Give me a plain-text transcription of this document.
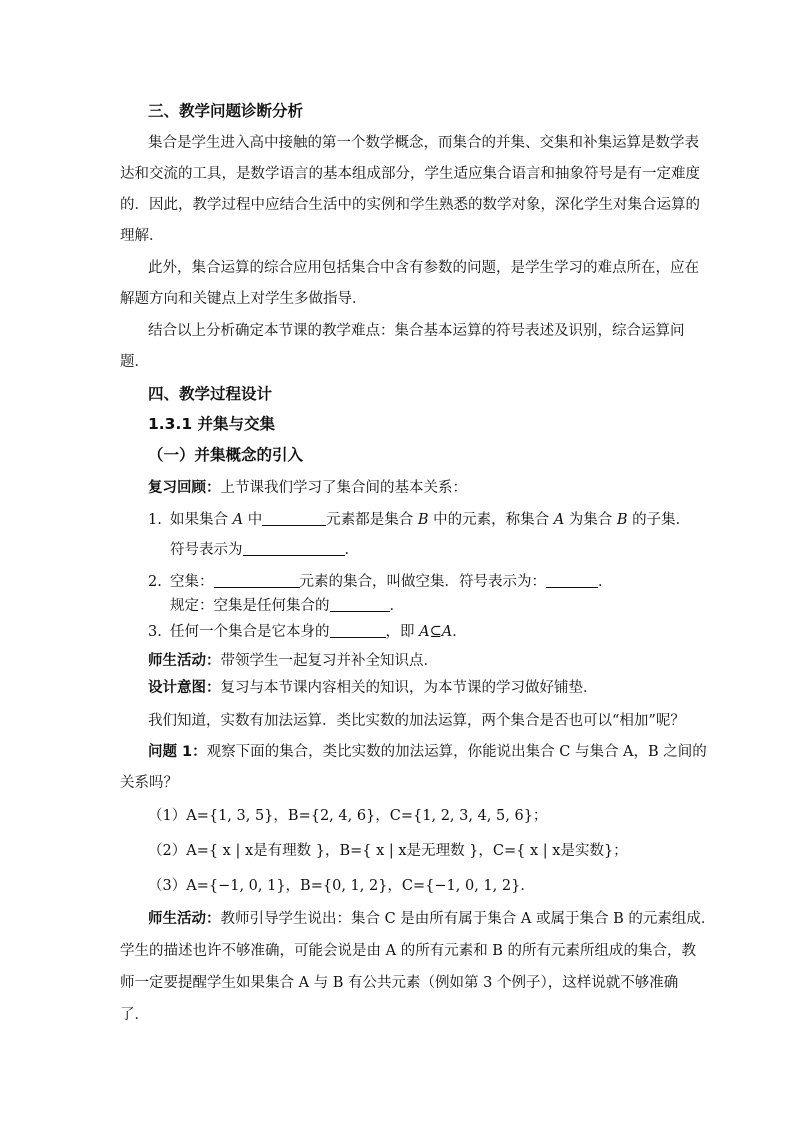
三、教学问题诊断分析
集合是学生进入高中接触的第一个数学概念，而集合的并集、交集和补集运算是数学表
达和交流的工具，是数学语言的基本组成部分，学生适应集合语言和抽象符号是有一定难度
的．因此，教学过程中应结合生活中的实例和学生熟悉的数学对象，深化学生对集合运算的
理解．
此外，集合运算的综合应用包括集合中含有参数的问题，是学生学习的难点所在，应在
解题方向和关键点上对学生多做指导．
结合以上分析确定本节课的教学难点：集合基本运算的符号表述及识别，综合运算问
题．
四、教学过程设计
1.3.1 并集与交集
（一）并集概念的引入
复习回顾：上节课我们学习了集合间的基本关系：
1. 如果集合 A 中	元素都是集合 B 中的元素，称集合 A 为集合 B 的子集．
符号表示为	．
2. 空集：	元素的集合，叫做空集．符号表示为：	．
规定：空集是任何集合的	．
3. 任何一个集合是它本身的	，即 A⊆A．
师生活动：带领学生一起复习并补全知识点．
设计意图：复习与本节课内容相关的知识，为本节课的学习做好铺垫．
我们知道，实数有加法运算．类比实数的加法运算，两个集合是否也可以“相加”呢？
问题 1：观察下面的集合，类比实数的加法运算，你能说出集合 C 与集合 A，B 之间的
关系吗？
（1）A={1, 3, 5}，B={2, 4, 6}，C={1, 2, 3, 4, 5, 6}；
（2）A={ x | x是有理数 }，B={ x | x是无理数 }，C={ x | x是实数}；
（3）A={−1, 0, 1}，B={0, 1, 2}，C={−1, 0, 1, 2}．
师生活动：教师引导学生说出：集合 C 是由所有属于集合 A 或属于集合 B 的元素组成．
学生的描述也许不够准确，可能会说是由 A 的所有元素和 B 的所有元素所组成的集合，教
师一定要提醒学生如果集合 A 与 B 有公共元素（例如第 3 个例子），这样说就不够准确
了．
